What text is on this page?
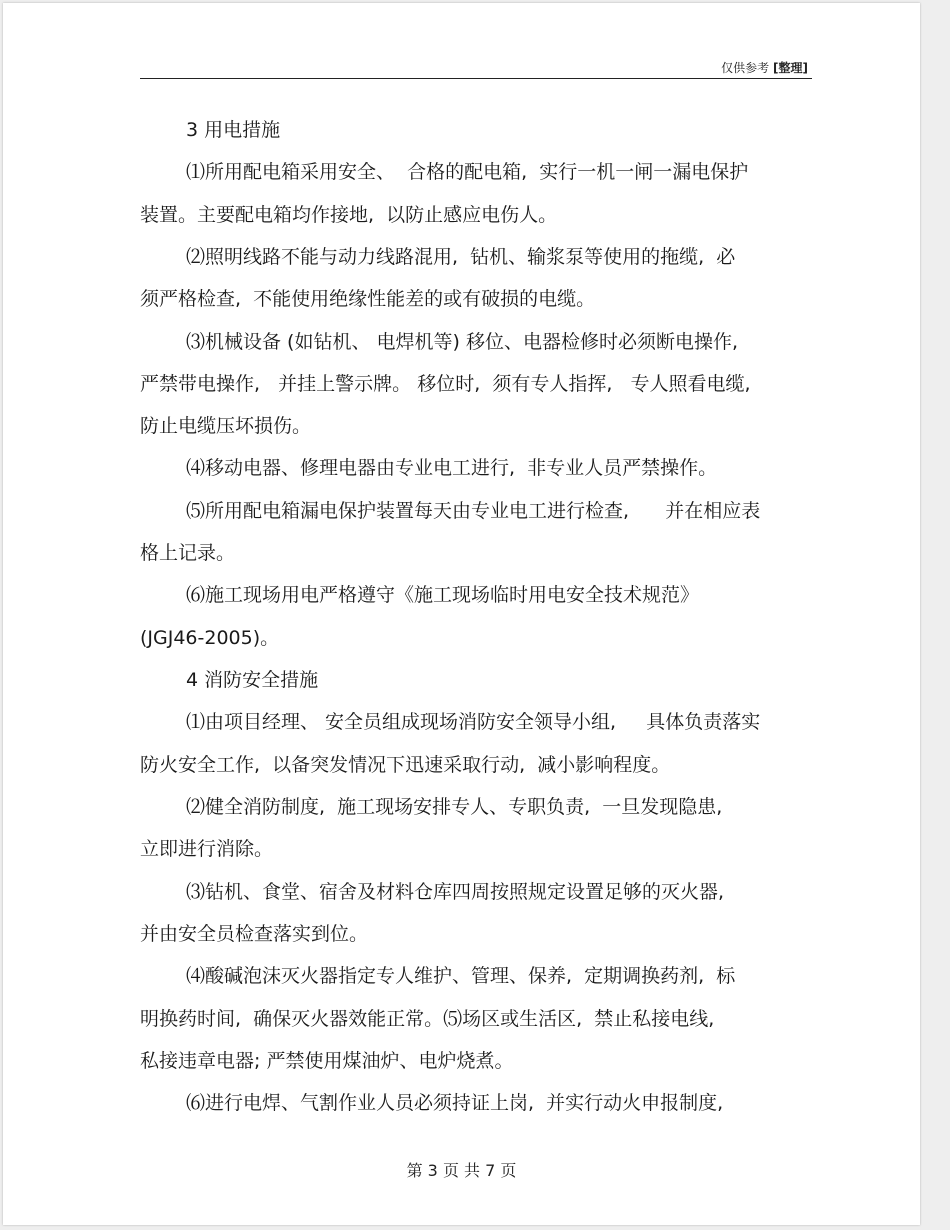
仅供参考 [整理]
3 用电措施
⑴所用配电箱采用安全、  合格的配电箱,  实行一机一闸一漏电保护
装置。主要配电箱均作接地,  以防止感应电伤人。
⑵照明线路不能与动力线路混用,  钻机、输浆泵等使用的拖缆,  必
须严格检查,  不能使用绝缘性能差的或有破损的电缆。
⑶机械设备 (如钻机、 电焊机等) 移位、电器检修时必须断电操作,
严禁带电操作,   并挂上警示牌。 移位时,  须有专人指挥,   专人照看电缆,
防止电缆压坏损伤。
⑷移动电器、修理电器由专业电工进行,  非专业人员严禁操作。
⑸所用配电箱漏电保护装置每天由专业电工进行检查,      并在相应表
格上记录。
⑹施工现场用电严格遵守《施工现场临时用电安全技术规范》
(JGJ46-2005)。
4 消防安全措施
⑴由项目经理、 安全员组成现场消防安全领导小组,     具体负责落实
防火安全工作,  以备突发情况下迅速采取行动,  减小影响程度。
⑵健全消防制度,  施工现场安排专人、专职负责,  一旦发现隐患,
立即进行消除。
⑶钻机、食堂、宿舍及材料仓库四周按照规定设置足够的灭火器,
并由安全员检查落实到位。
⑷酸碱泡沫灭火器指定专人维护、管理、保养,  定期调换药剂,  标
明换药时间,  确保灭火器效能正常。⑸场区或生活区,  禁止私接电线,
私接违章电器; 严禁使用煤油炉、电炉烧煮。
⑹进行电焊、气割作业人员必须持证上岗,  并实行动火申报制度,
第 3 页 共 7 页
